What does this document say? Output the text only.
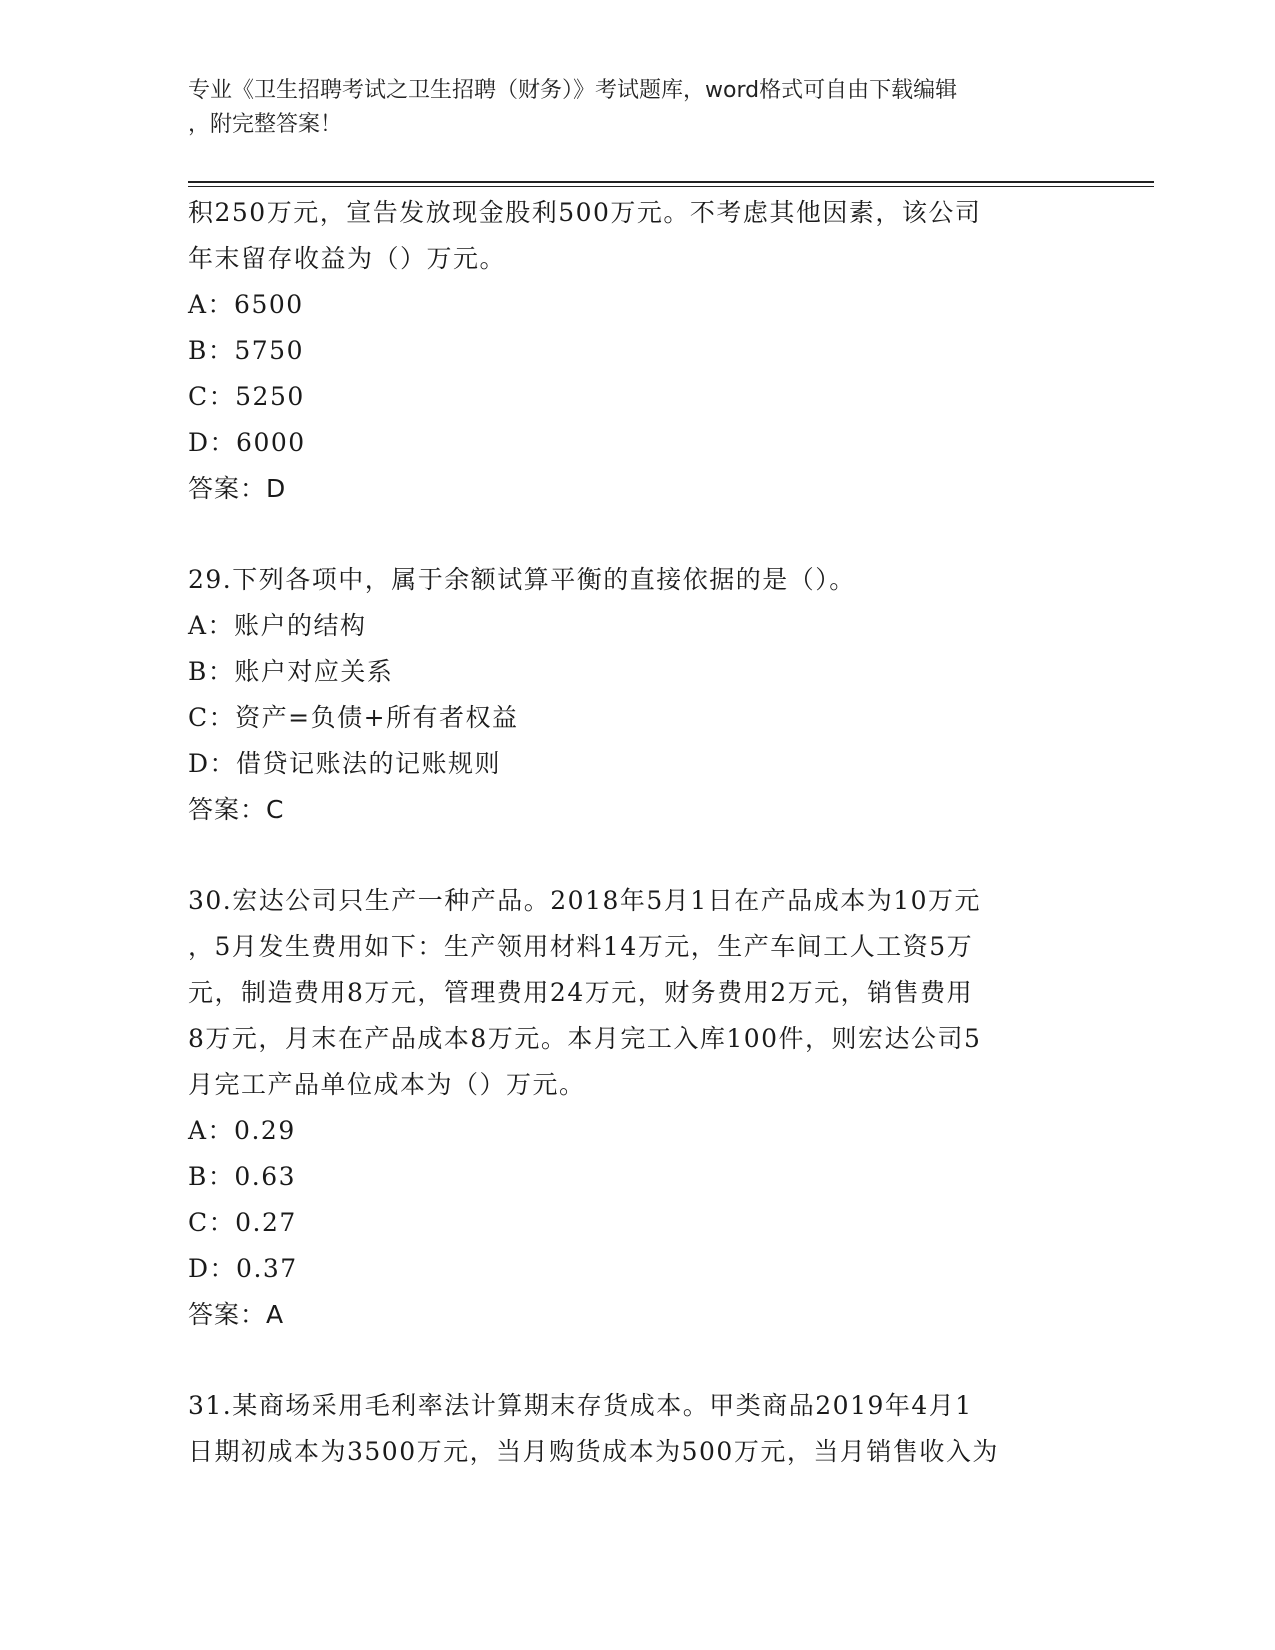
专业《卫生招聘考试之卫生招聘（财务）》考试题库，word格式可自由下载编辑
，附完整答案！
积250万元，宣告发放现金股利500万元。不考虑其他因素，该公司
年末留存收益为（）万元。
A：6500
B：5750
C：5250
D：6000
答案：D
29.下列各项中，属于余额试算平衡的直接依据的是（）。
A：账户的结构
B：账户对应关系
C：资产=负债+所有者权益
D：借贷记账法的记账规则
答案：C
30.宏达公司只生产一种产品。2018年5月1日在产品成本为10万元
，5月发生费用如下：生产领用材料14万元，生产车间工人工资5万
元，制造费用8万元，管理费用24万元，财务费用2万元，销售费用
8万元，月末在产品成本8万元。本月完工入库100件，则宏达公司5
月完工产品单位成本为（）万元。
A：0.29
B：0.63
C：0.27
D：0.37
答案：A
31.某商场采用毛利率法计算期末存货成本。甲类商品2019年4月1
日期初成本为3500万元，当月购货成本为500万元，当月销售收入为
